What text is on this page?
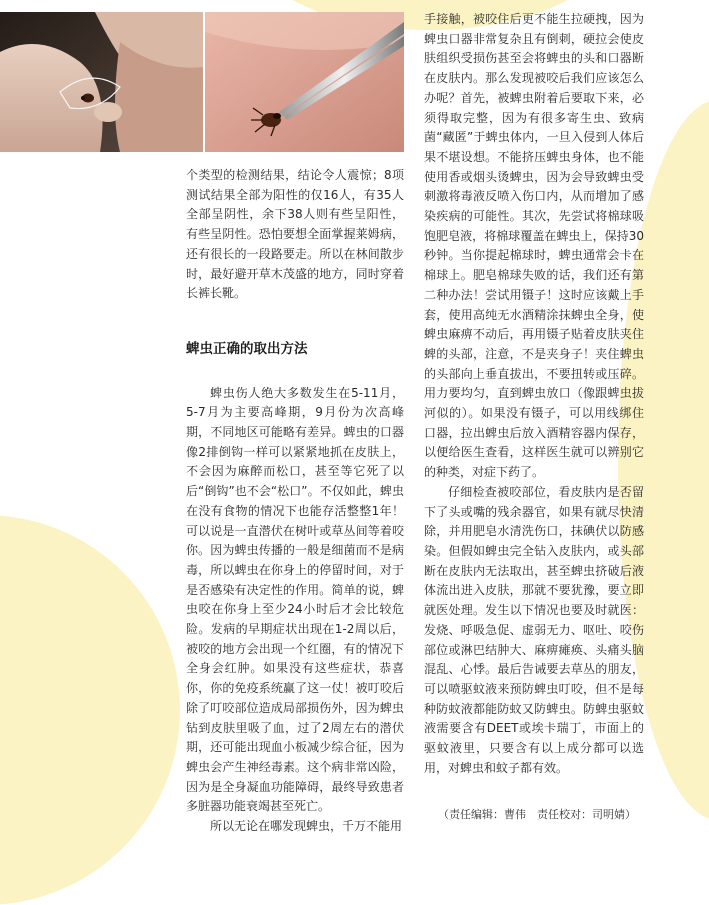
个类型的检测结果，结论令人震惊；8项测试结果全部为阳性的仅16人，有35人全部呈阴性，余下38人则有些呈阳性，有些呈阴性。恐怕要想全面掌握莱姆病，还有很长的一段路要走。所以在林间散步时，最好避开草木茂盛的地方，同时穿着长裤长靴。

蜱虫正确的取出方法

蜱虫伤人绝大多数发生在5-11月，5-7月为主要高峰期，9月份为次高峰期，不同地区可能略有差异。蜱虫的口器像2排倒钩一样可以紧紧地抓在皮肤上，不会因为麻醉而松口，甚至等它死了以后“倒钩”也不会“松口”。不仅如此，蜱虫在没有食物的情况下也能存活整整1年！可以说是一直潜伏在树叶或草丛间等着咬你。因为蜱虫传播的一般是细菌而不是病毒，所以蜱虫在你身上的停留时间，对于是否感染有决定性的作用。简单的说，蜱虫咬在你身上至少24小时后才会比较危险。发病的早期症状出现在1-2周以后，被咬的地方会出现一个红圈，有的情况下全身会红肿。如果没有这些症状，恭喜你，你的免疫系统赢了这一仗！被叮咬后除了叮咬部位造成局部损伤外，因为蜱虫钻到皮肤里吸了血，过了2周左右的潜伏期，还可能出现血小板减少综合征，因为蜱虫会产生神经毒素。这个病非常凶险，因为是全身凝血功能障碍，最终导致患者多脏器功能衰竭甚至死亡。

所以无论在哪发现蜱虫，千万不能用

手接触，被咬住后更不能生拉硬拽，因为蜱虫口器非常复杂且有倒刺，硬拉会使皮肤组织受损伤甚至会将蜱虫的头和口器断在皮肤内。那么发现被咬后我们应该怎么办呢？首先，被蜱虫附着后要取下来，必须得取完整，因为有很多寄生虫、致病菌“藏匿”于蜱虫体内，一旦入侵到人体后果不堪设想。不能挤压蜱虫身体，也不能使用香或烟头烫蜱虫，因为会导致蜱虫受刺激将毒液反喷入伤口内，从而增加了感染疾病的可能性。其次，先尝试将棉球吸饱肥皂液，将棉球覆盖在蜱虫上，保持30秒钟。当你提起棉球时，蜱虫通常会卡在棉球上。肥皂棉球失败的话，我们还有第二种办法！尝试用镊子！这时应该戴上手套，使用高纯无水酒精涂抹蜱虫全身，使蜱虫麻痹不动后，再用镊子贴着皮肤夹住蜱的头部，注意，不是夹身子！夹住蜱虫的头部向上垂直拔出，不要扭转或压碎。用力要均匀，直到蜱虫放口（像跟蜱虫拔河似的）。如果没有镊子，可以用线绑住口器，拉出蜱虫后放入酒精容器内保存，以便给医生查看，这样医生就可以辨别它的种类，对症下药了。

仔细检查被咬部位，看皮肤内是否留下了头或嘴的残余器官，如果有就尽快清除，并用肥皂水清洗伤口，抹碘伏以防感染。但假如蜱虫完全钻入皮肤内，或头部断在皮肤内无法取出，甚至蜱虫挤破后液体流出进入皮肤，那就不要犹豫，要立即就医处理。发生以下情况也要及时就医：发烧、呼吸急促、虚弱无力、呕吐、咬伤部位或淋巴结肿大、麻痹瘫痪、头痛头脑混乱、心悸。最后告诫要去草丛的朋友，可以喷驱蚊液来预防蜱虫叮咬，但不是每种防蚊液都能防蚊又防蜱虫。防蜱虫驱蚊液需要含有DEET或埃卡瑞丁，市面上的驱蚊液里，只要含有以上成分都可以选用，对蜱虫和蚊子都有效。

（责任编辑：曹伟　责任校对：司明婧）
